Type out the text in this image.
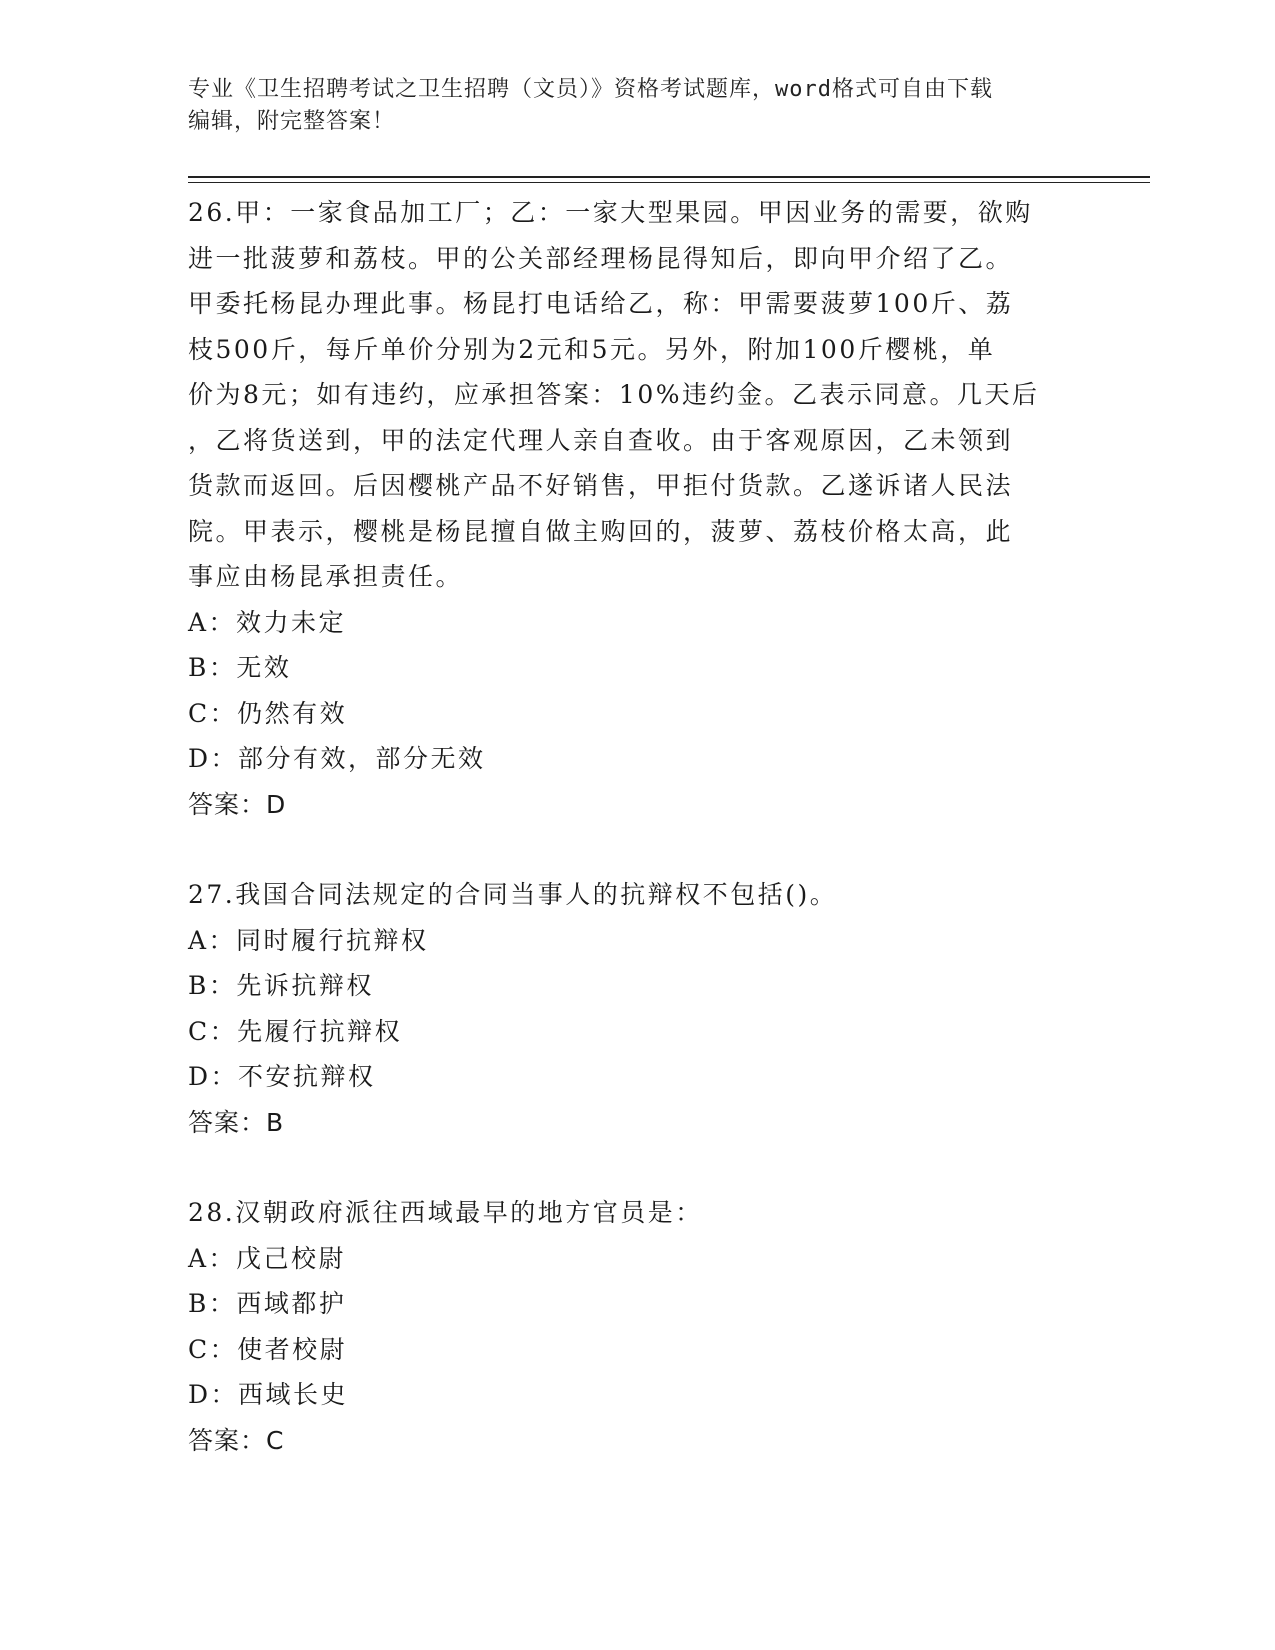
专业《卫生招聘考试之卫生招聘（文员）》资格考试题库，word格式可自由下载
编辑，附完整答案！

26.甲：一家食品加工厂；乙：一家大型果园。甲因业务的需要，欲购

进一批菠萝和荔枝。甲的公关部经理杨昆得知后，即向甲介绍了乙。

甲委托杨昆办理此事。杨昆打电话给乙，称：甲需要菠萝100斤、荔

枝500斤，每斤单价分别为2元和5元。另外，附加100斤樱桃，单

价为8元；如有违约，应承担答案：10%违约金。乙表示同意。几天后

，乙将货送到，甲的法定代理人亲自查收。由于客观原因，乙未领到

货款而返回。后因樱桃产品不好销售，甲拒付货款。乙遂诉诸人民法

院。甲表示，樱桃是杨昆擅自做主购回的，菠萝、荔枝价格太高，此

事应由杨昆承担责任。

A：效力未定

B：无效

C：仍然有效

D：部分有效，部分无效

答案：D

27.我国合同法规定的合同当事人的抗辩权不包括()。

A：同时履行抗辩权

B：先诉抗辩权

C：先履行抗辩权

D：不安抗辩权

答案：B

28.汉朝政府派往西域最早的地方官员是：

A：戊己校尉

B：西域都护

C：使者校尉

D：西域长史

答案：C
